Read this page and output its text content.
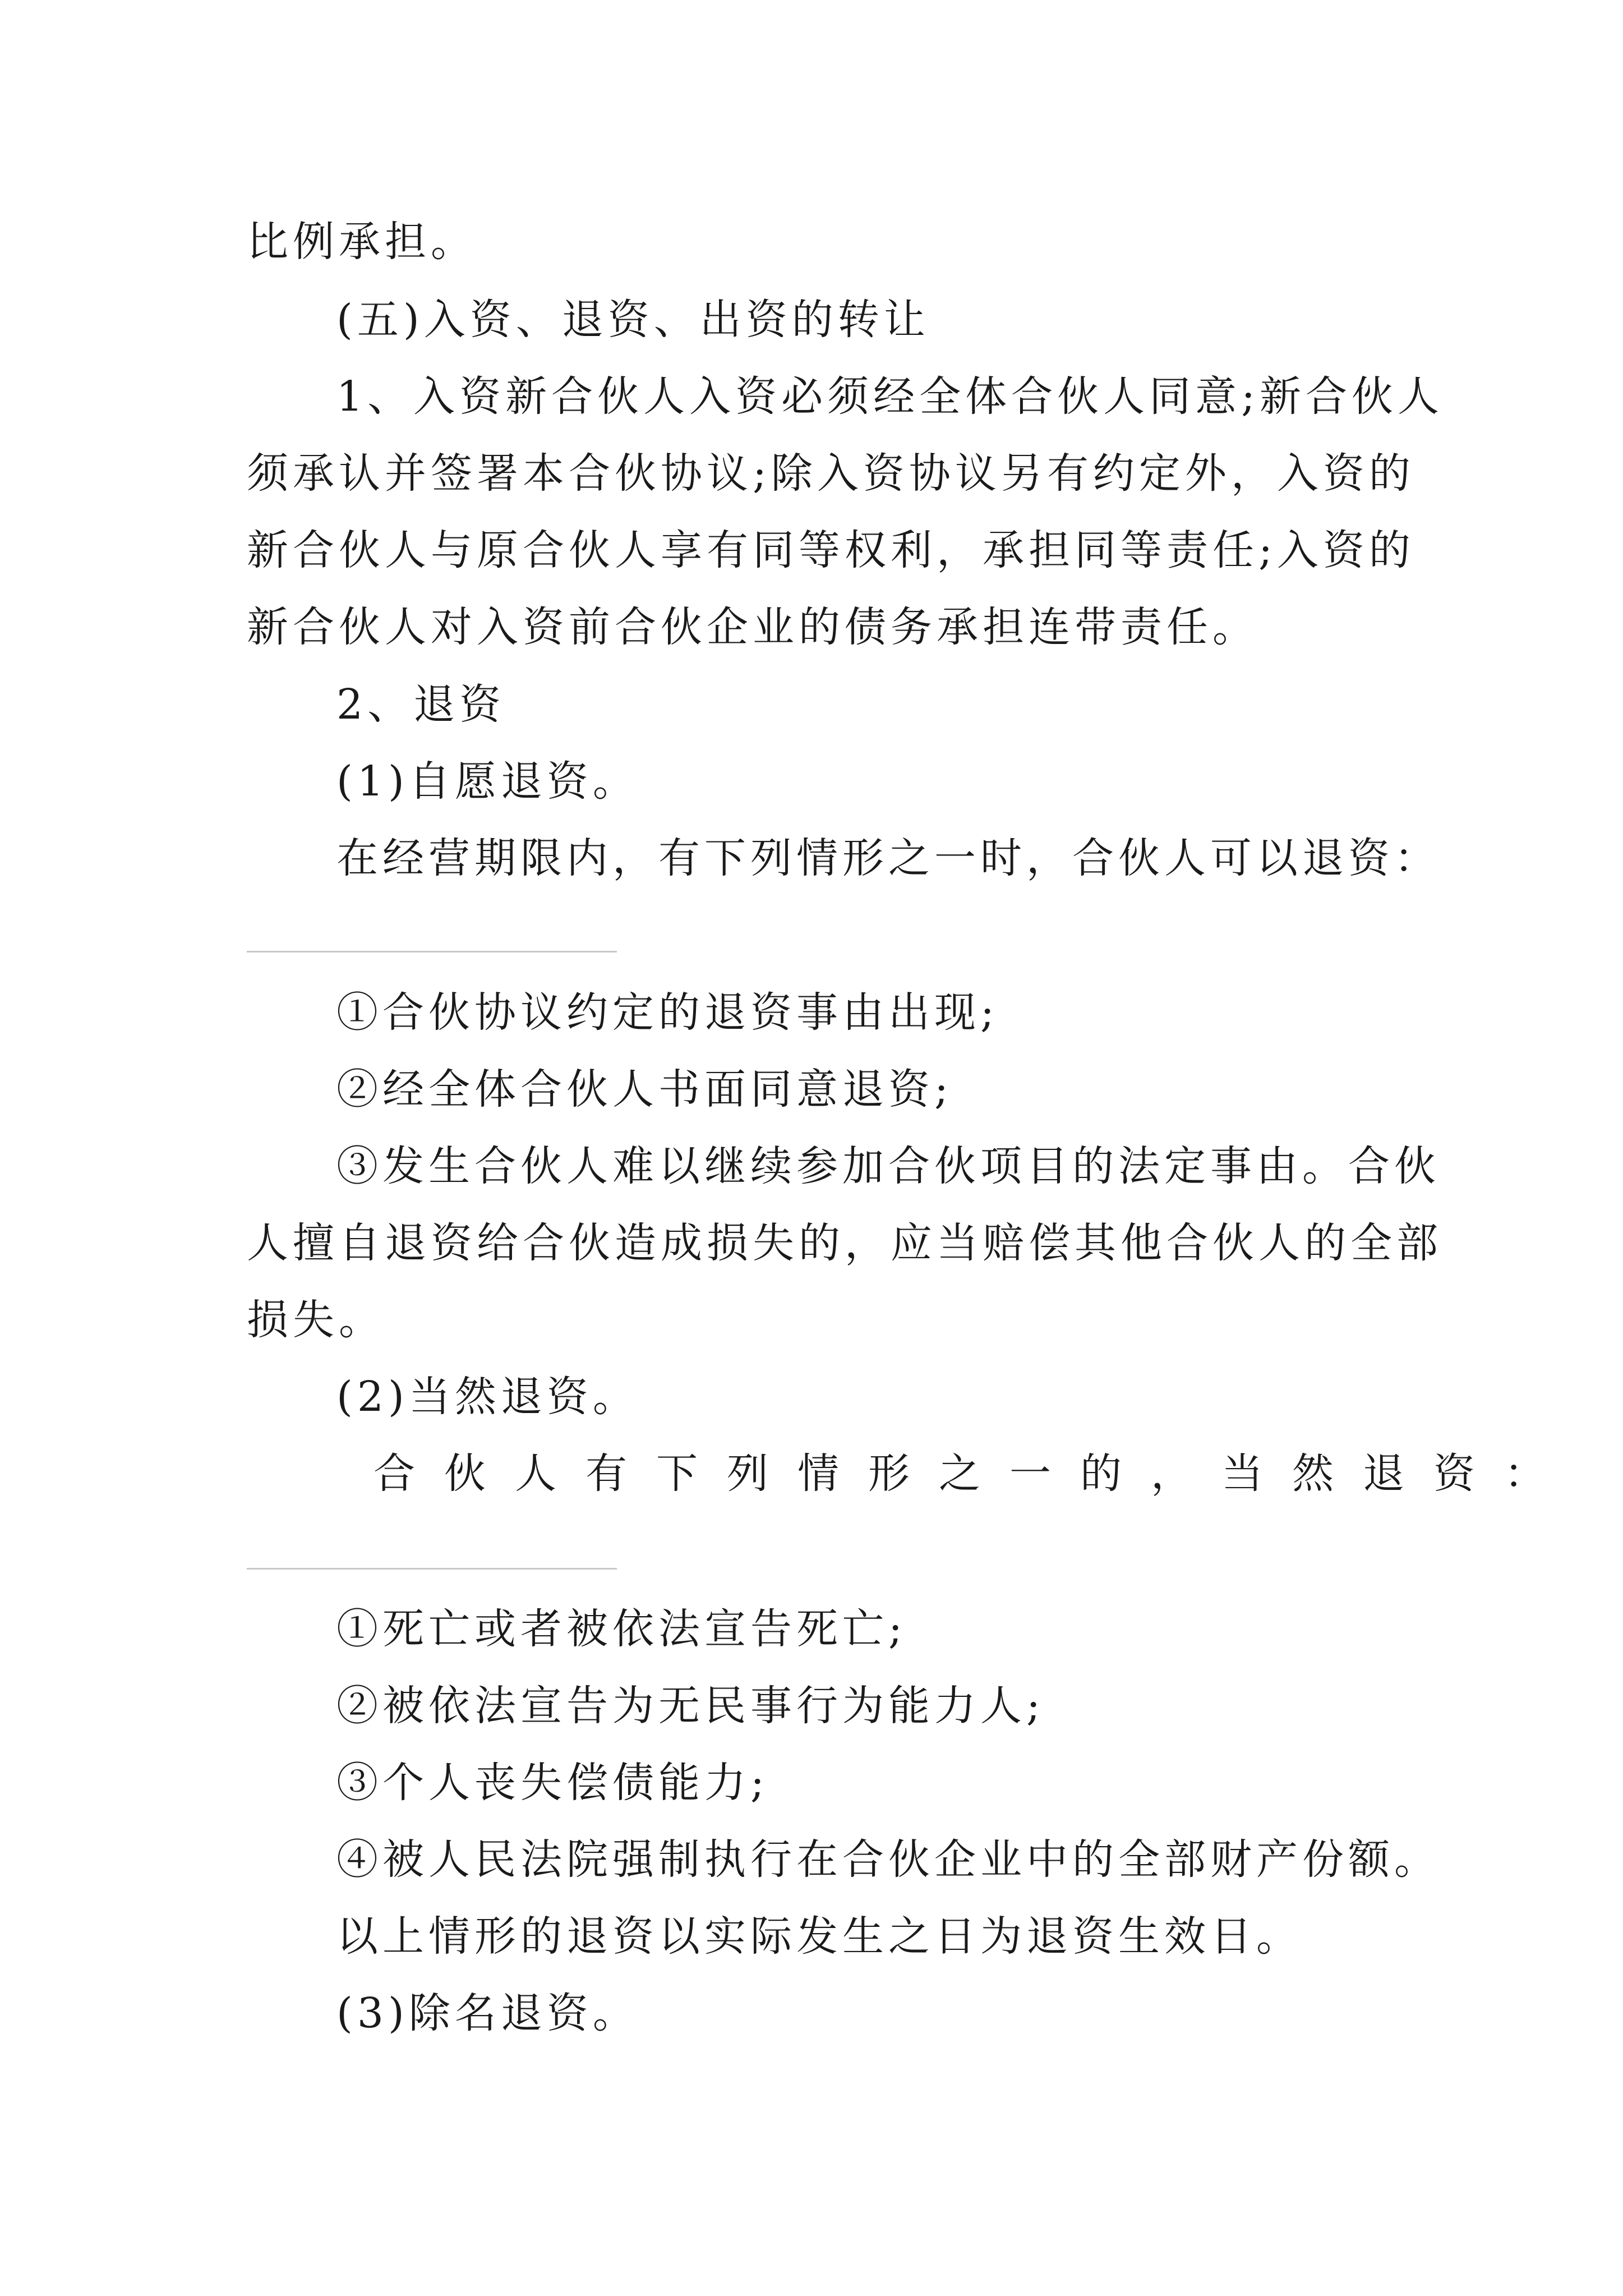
比例承担。
(五)入资、退资、出资的转让
1、入资新合伙人入资必须经全体合伙人同意;新合伙人
须承认并签署本合伙协议;除入资协议另有约定外，入资的
新合伙人与原合伙人享有同等权利，承担同等责任;入资的
新合伙人对入资前合伙企业的债务承担连带责任。
2、退资
(1)自愿退资。
在经营期限内，有下列情形之一时，合伙人可以退资：
①合伙协议约定的退资事由出现;
②经全体合伙人书面同意退资;
③发生合伙人难以继续参加合伙项目的法定事由。合伙
人擅自退资给合伙造成损失的，应当赔偿其他合伙人的全部
损失。
(2)当然退资。
合伙人有下列情形之一的，当然退资：
①死亡或者被依法宣告死亡;
②被依法宣告为无民事行为能力人;
③个人丧失偿债能力;
④被人民法院强制执行在合伙企业中的全部财产份额。
以上情形的退资以实际发生之日为退资生效日。
(3)除名退资。
